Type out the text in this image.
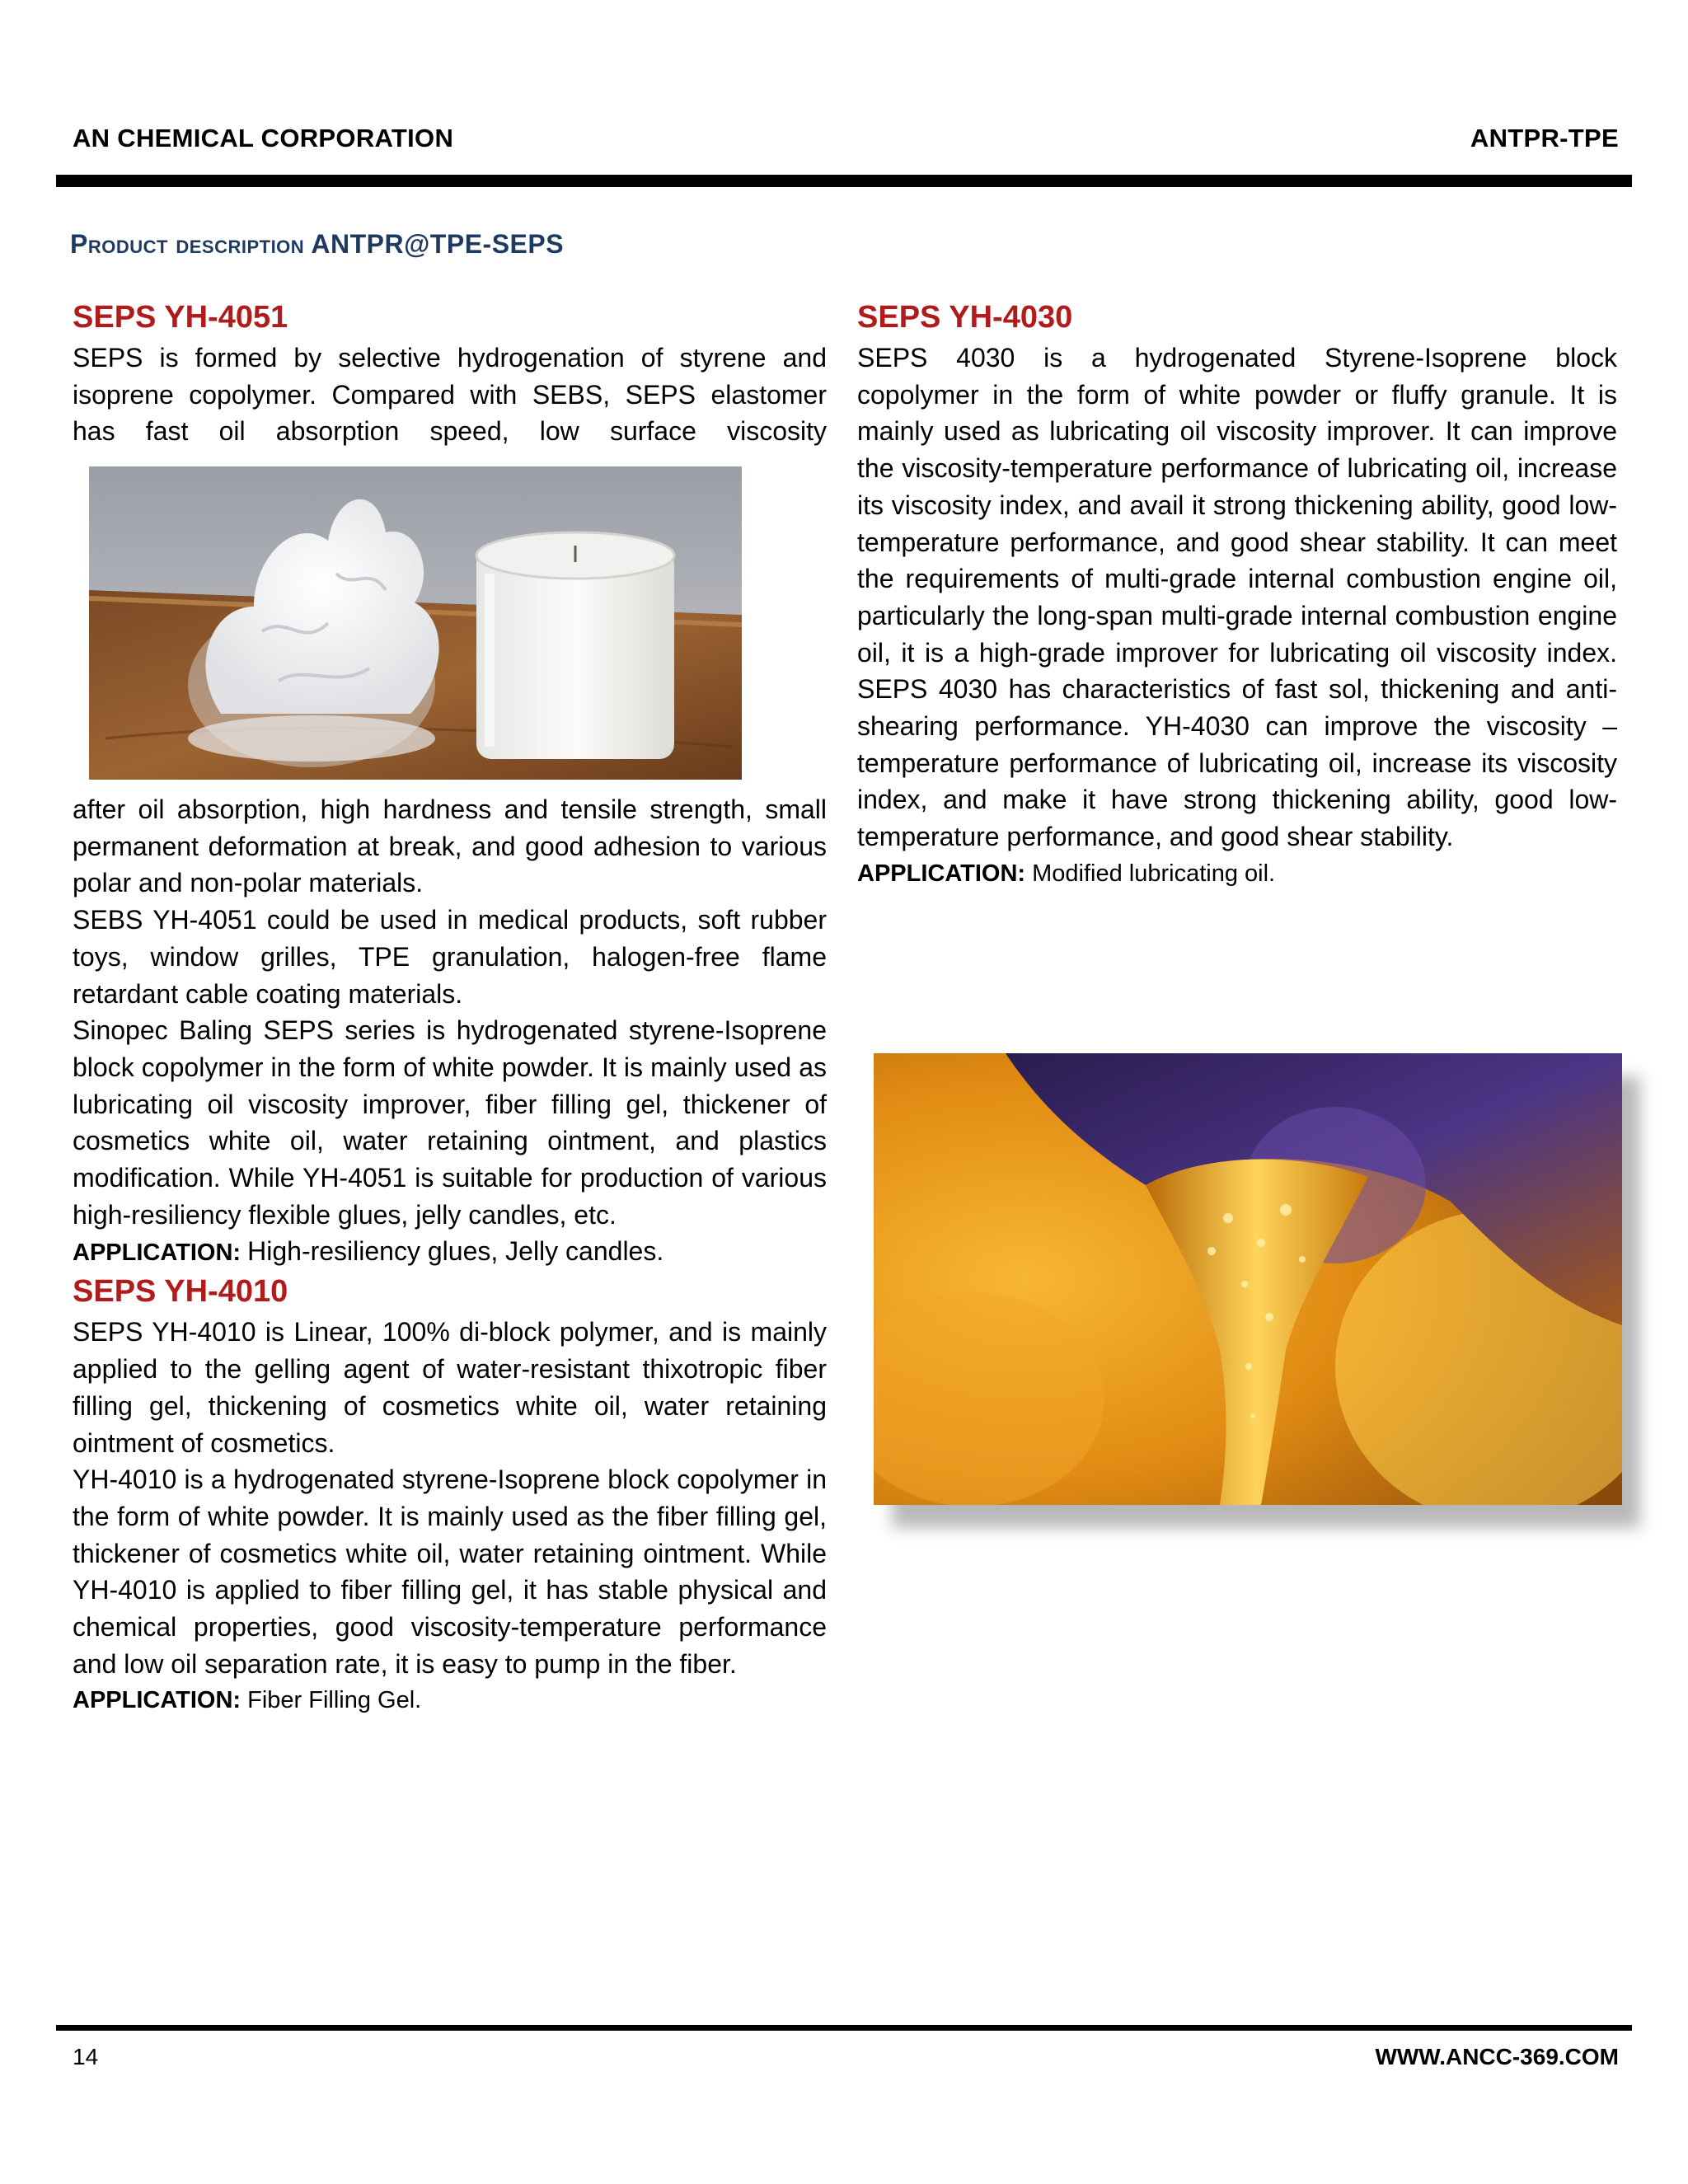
AN CHEMICAL CORPORATION	ANTPR-TPE
Product description ANTPR@TPE-SEPS
SEPS YH-4051

SEPS is formed by selective hydrogenation of styrene and isoprene copolymer. Compared with SEBS, SEPS elastomer has fast oil absorption speed, low surface viscosity

after oil absorption, high hardness and tensile strength, small permanent deformation at break, and good adhesion to various polar and non-polar materials.

SEBS YH-4051 could be used in medical products, soft rubber toys, window grilles, TPE granulation, halogen-free flame retardant cable coating materials.

Sinopec Baling SEPS series is hydrogenated styrene-Isoprene block copolymer in the form of white powder. It is mainly used as lubricating oil viscosity improver, fiber filling gel, thickener of cosmetics white oil, water retaining ointment, and plastics modification. While YH-4051 is suitable for production of various high-resiliency flexible glues, jelly candles, etc.

APPLICATION: High-resiliency glues, Jelly candles.

SEPS YH-4010

SEPS YH-4010 is Linear, 100% di-block polymer, and is mainly applied to the gelling agent of water-resistant thixotropic fiber filling gel, thickening of cosmetics white oil, water retaining ointment of cosmetics.

YH-4010 is a hydrogenated styrene-Isoprene block copolymer in the form of white powder. It is mainly used as the fiber filling gel, thickener of cosmetics white oil, water retaining ointment. While YH-4010 is applied to fiber filling gel, it has stable physical and chemical properties, good viscosity-temperature performance and low oil separation rate, it is easy to pump in the fiber.

APPLICATION: Fiber Filling Gel.

SEPS YH-4030

SEPS 4030 is a hydrogenated Styrene-Isoprene block copolymer in the form of white powder or fluffy granule. It is mainly used as lubricating oil viscosity improver. It can improve the viscosity-temperature performance of lubricating oil, increase its viscosity index, and avail it strong thickening ability, good low-temperature performance, and good shear stability. It can meet the requirements of multi-grade internal combustion engine oil, particularly the long-span multi-grade internal combustion engine oil, it is a high-grade improver for lubricating oil viscosity index. SEPS 4030 has characteristics of fast sol, thickening and anti-shearing performance. YH-4030 can improve the viscosity – temperature performance of lubricating oil, increase its viscosity index, and make it have strong thickening ability, good low-temperature performance, and good shear stability.

APPLICATION: Modified lubricating oil.

14	WWW.ANCC-369.COM
